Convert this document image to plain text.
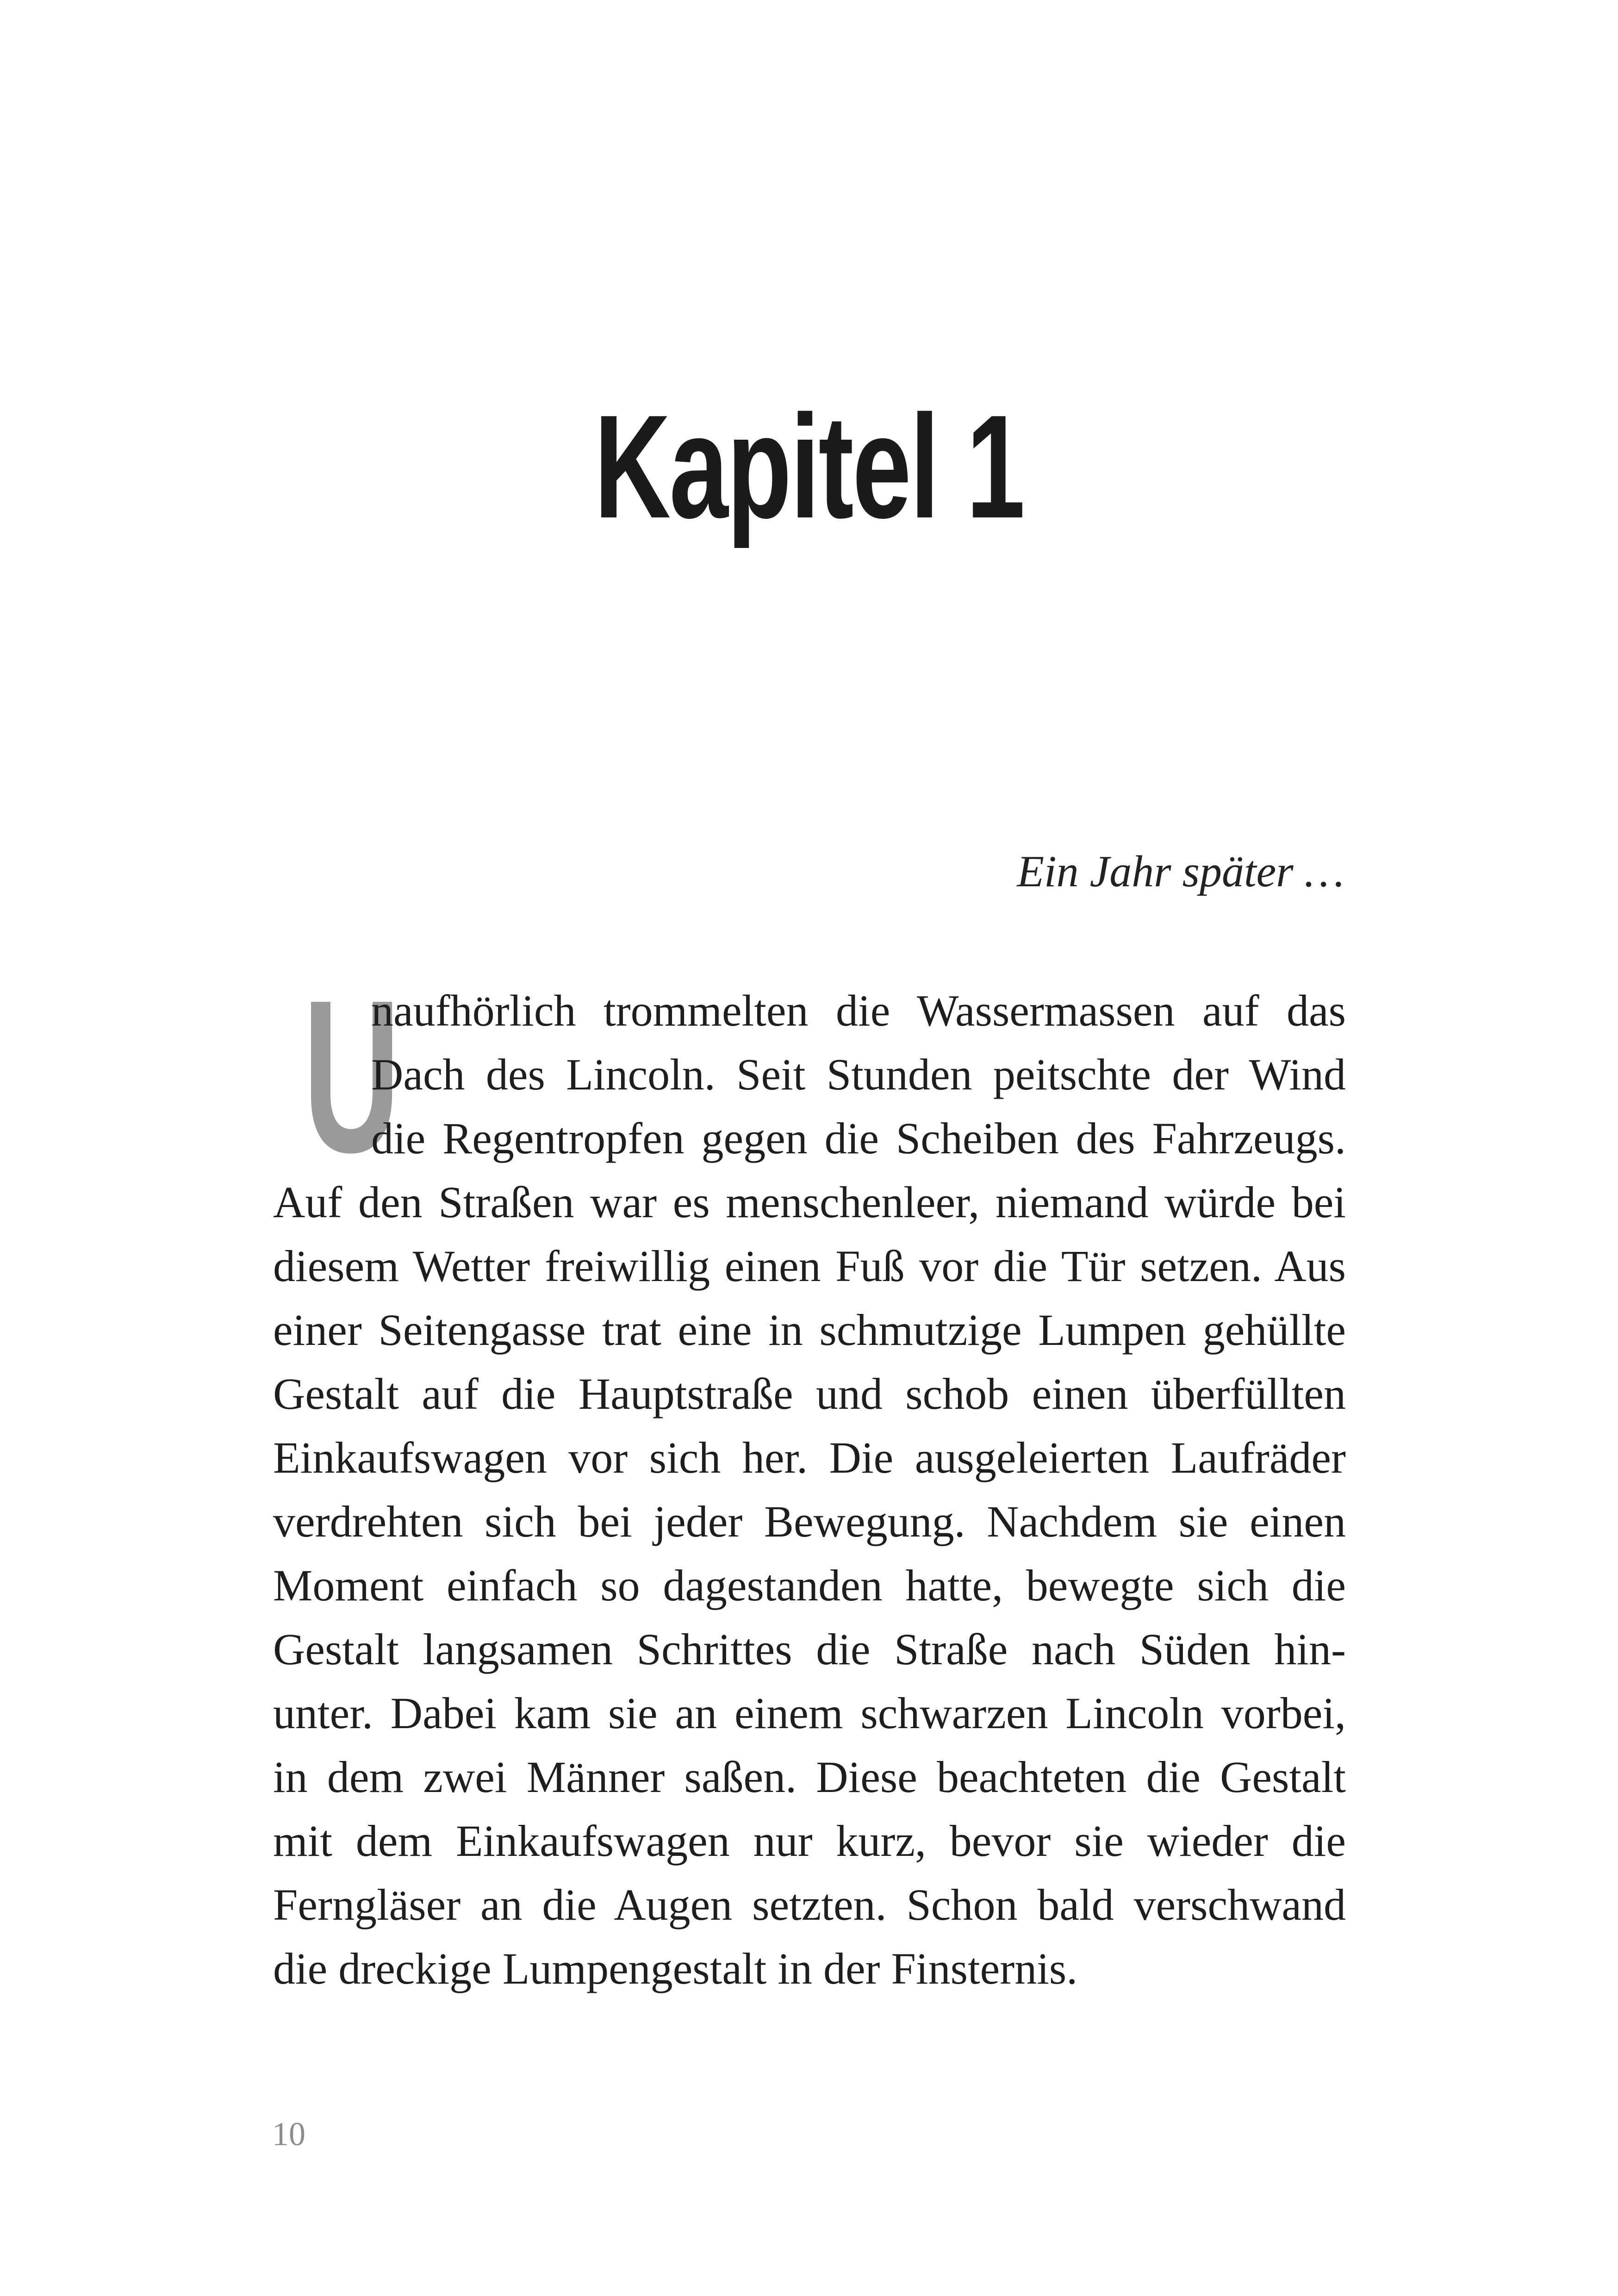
Kapitel 1

Ein Jahr später …

U
naufhörlich trommelten die Wassermassen auf das
Dach des Lincoln. Seit Stunden peitschte der Wind
die Regentropfen gegen die Scheiben des Fahrzeugs.
Auf den Straßen war es menschenleer, niemand würde bei
diesem Wetter freiwillig einen Fuß vor die Tür setzen. Aus
einer Seitengasse trat eine in schmutzige Lumpen gehüllte
Gestalt auf die Hauptstraße und schob einen überfüllten
Einkaufswagen vor sich her. Die ausgeleierten Laufräder
verdrehten sich bei jeder Bewegung. Nachdem sie einen
Moment einfach so dagestanden hatte, bewegte sich die
Gestalt langsamen Schrittes die Straße nach Süden hin-
unter. Dabei kam sie an einem schwarzen Lincoln vorbei,
in dem zwei Männer saßen. Diese beachteten die Gestalt
mit dem Einkaufswagen nur kurz, bevor sie wieder die
Ferngläser an die Augen setzten. Schon bald verschwand
die dreckige Lumpengestalt in der Finsternis.

10
